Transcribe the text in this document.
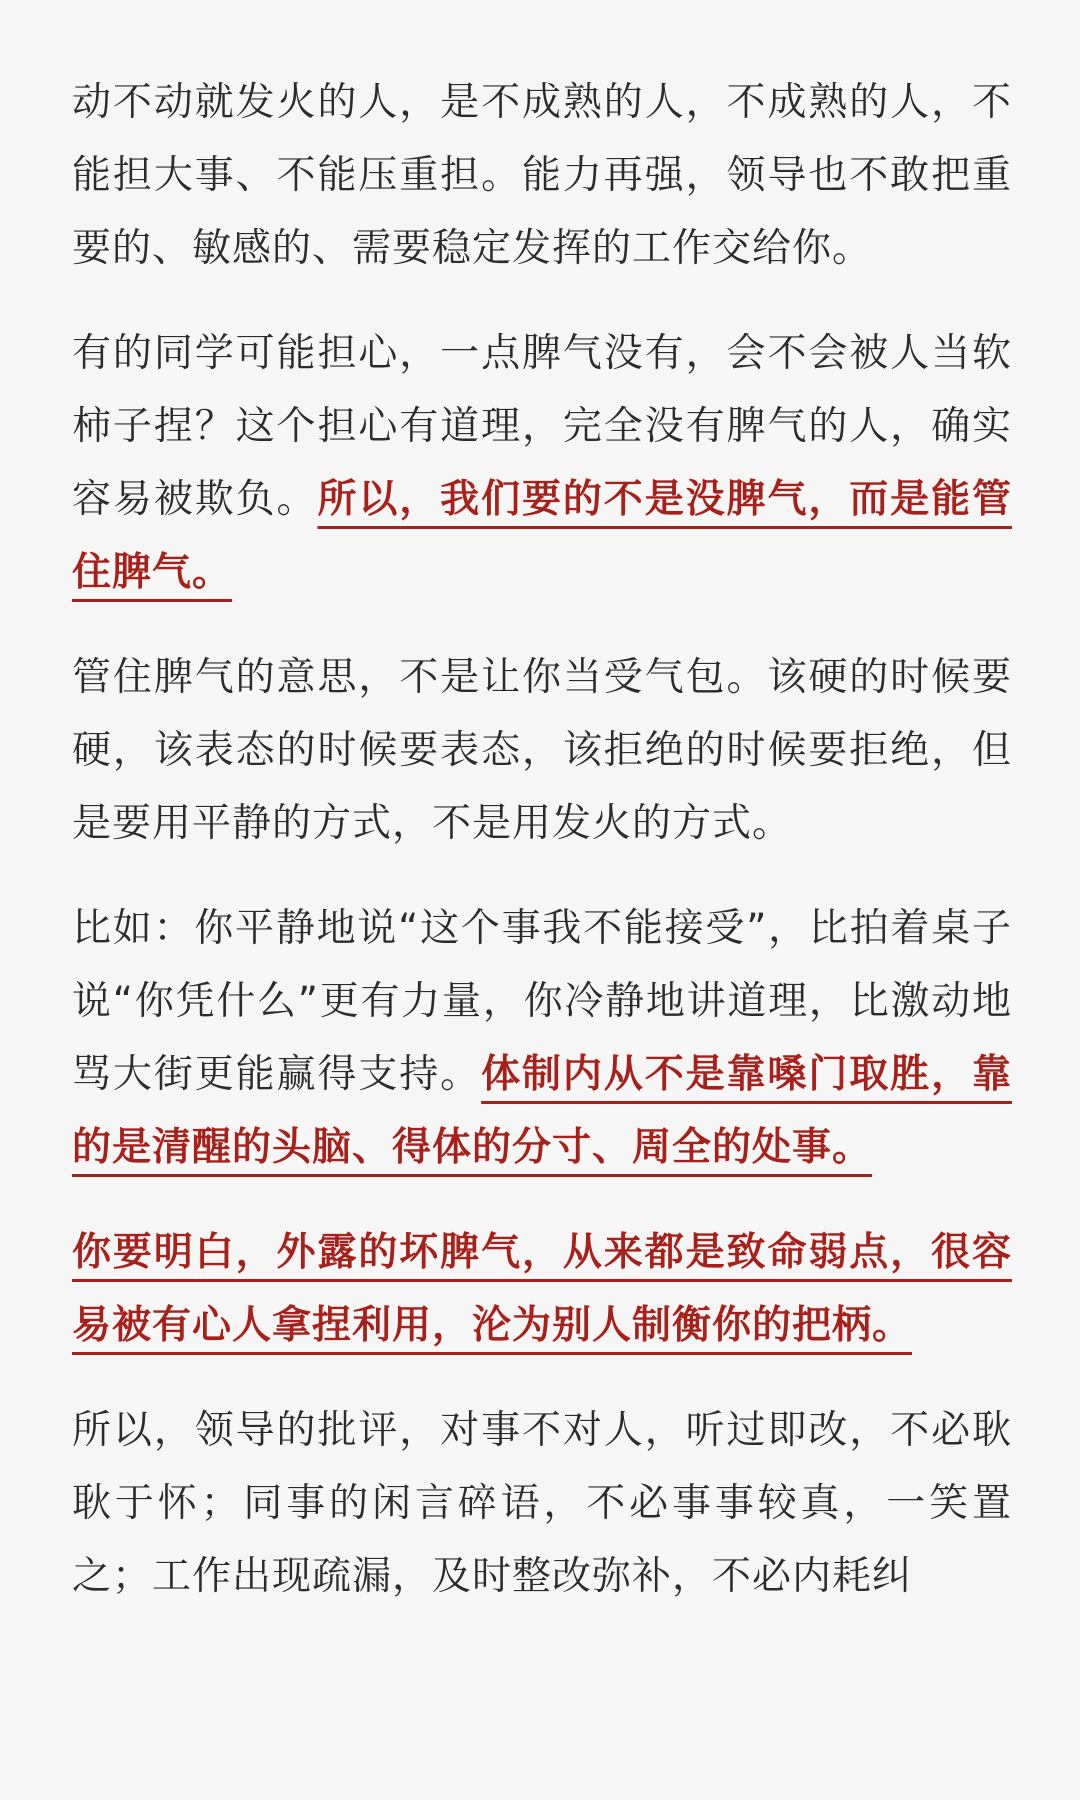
动不动就发火的人，是不成熟的人，不成熟的人，不能担大事、不能压重担。能力再强，领导也不敢把重要的、敏感的、需要稳定发挥的工作交给你。

有的同学可能担心，一点脾气没有，会不会被人当软柿子捏？这个担心有道理，完全没有脾气的人，确实容易被欺负。所以，我们要的不是没脾气，而是能管住脾气。

管住脾气的意思，不是让你当受气包。该硬的时候要硬，该表态的时候要表态，该拒绝的时候要拒绝，但是要用平静的方式，不是用发火的方式。

比如：你平静地说“这个事我不能接受”，比拍着桌子说“你凭什么”更有力量，你冷静地讲道理，比激动地骂大街更能赢得支持。体制内从不是靠嗓门取胜，靠的是清醒的头脑、得体的分寸、周全的处事。

你要明白，外露的坏脾气，从来都是致命弱点，很容易被有心人拿捏利用，沦为别人制衡你的把柄。

所以，领导的批评，对事不对人，听过即改，不必耿耿于怀；同事的闲言碎语，不必事事较真，一笑置之；工作出现疏漏，及时整改弥补，不必内耗纠
